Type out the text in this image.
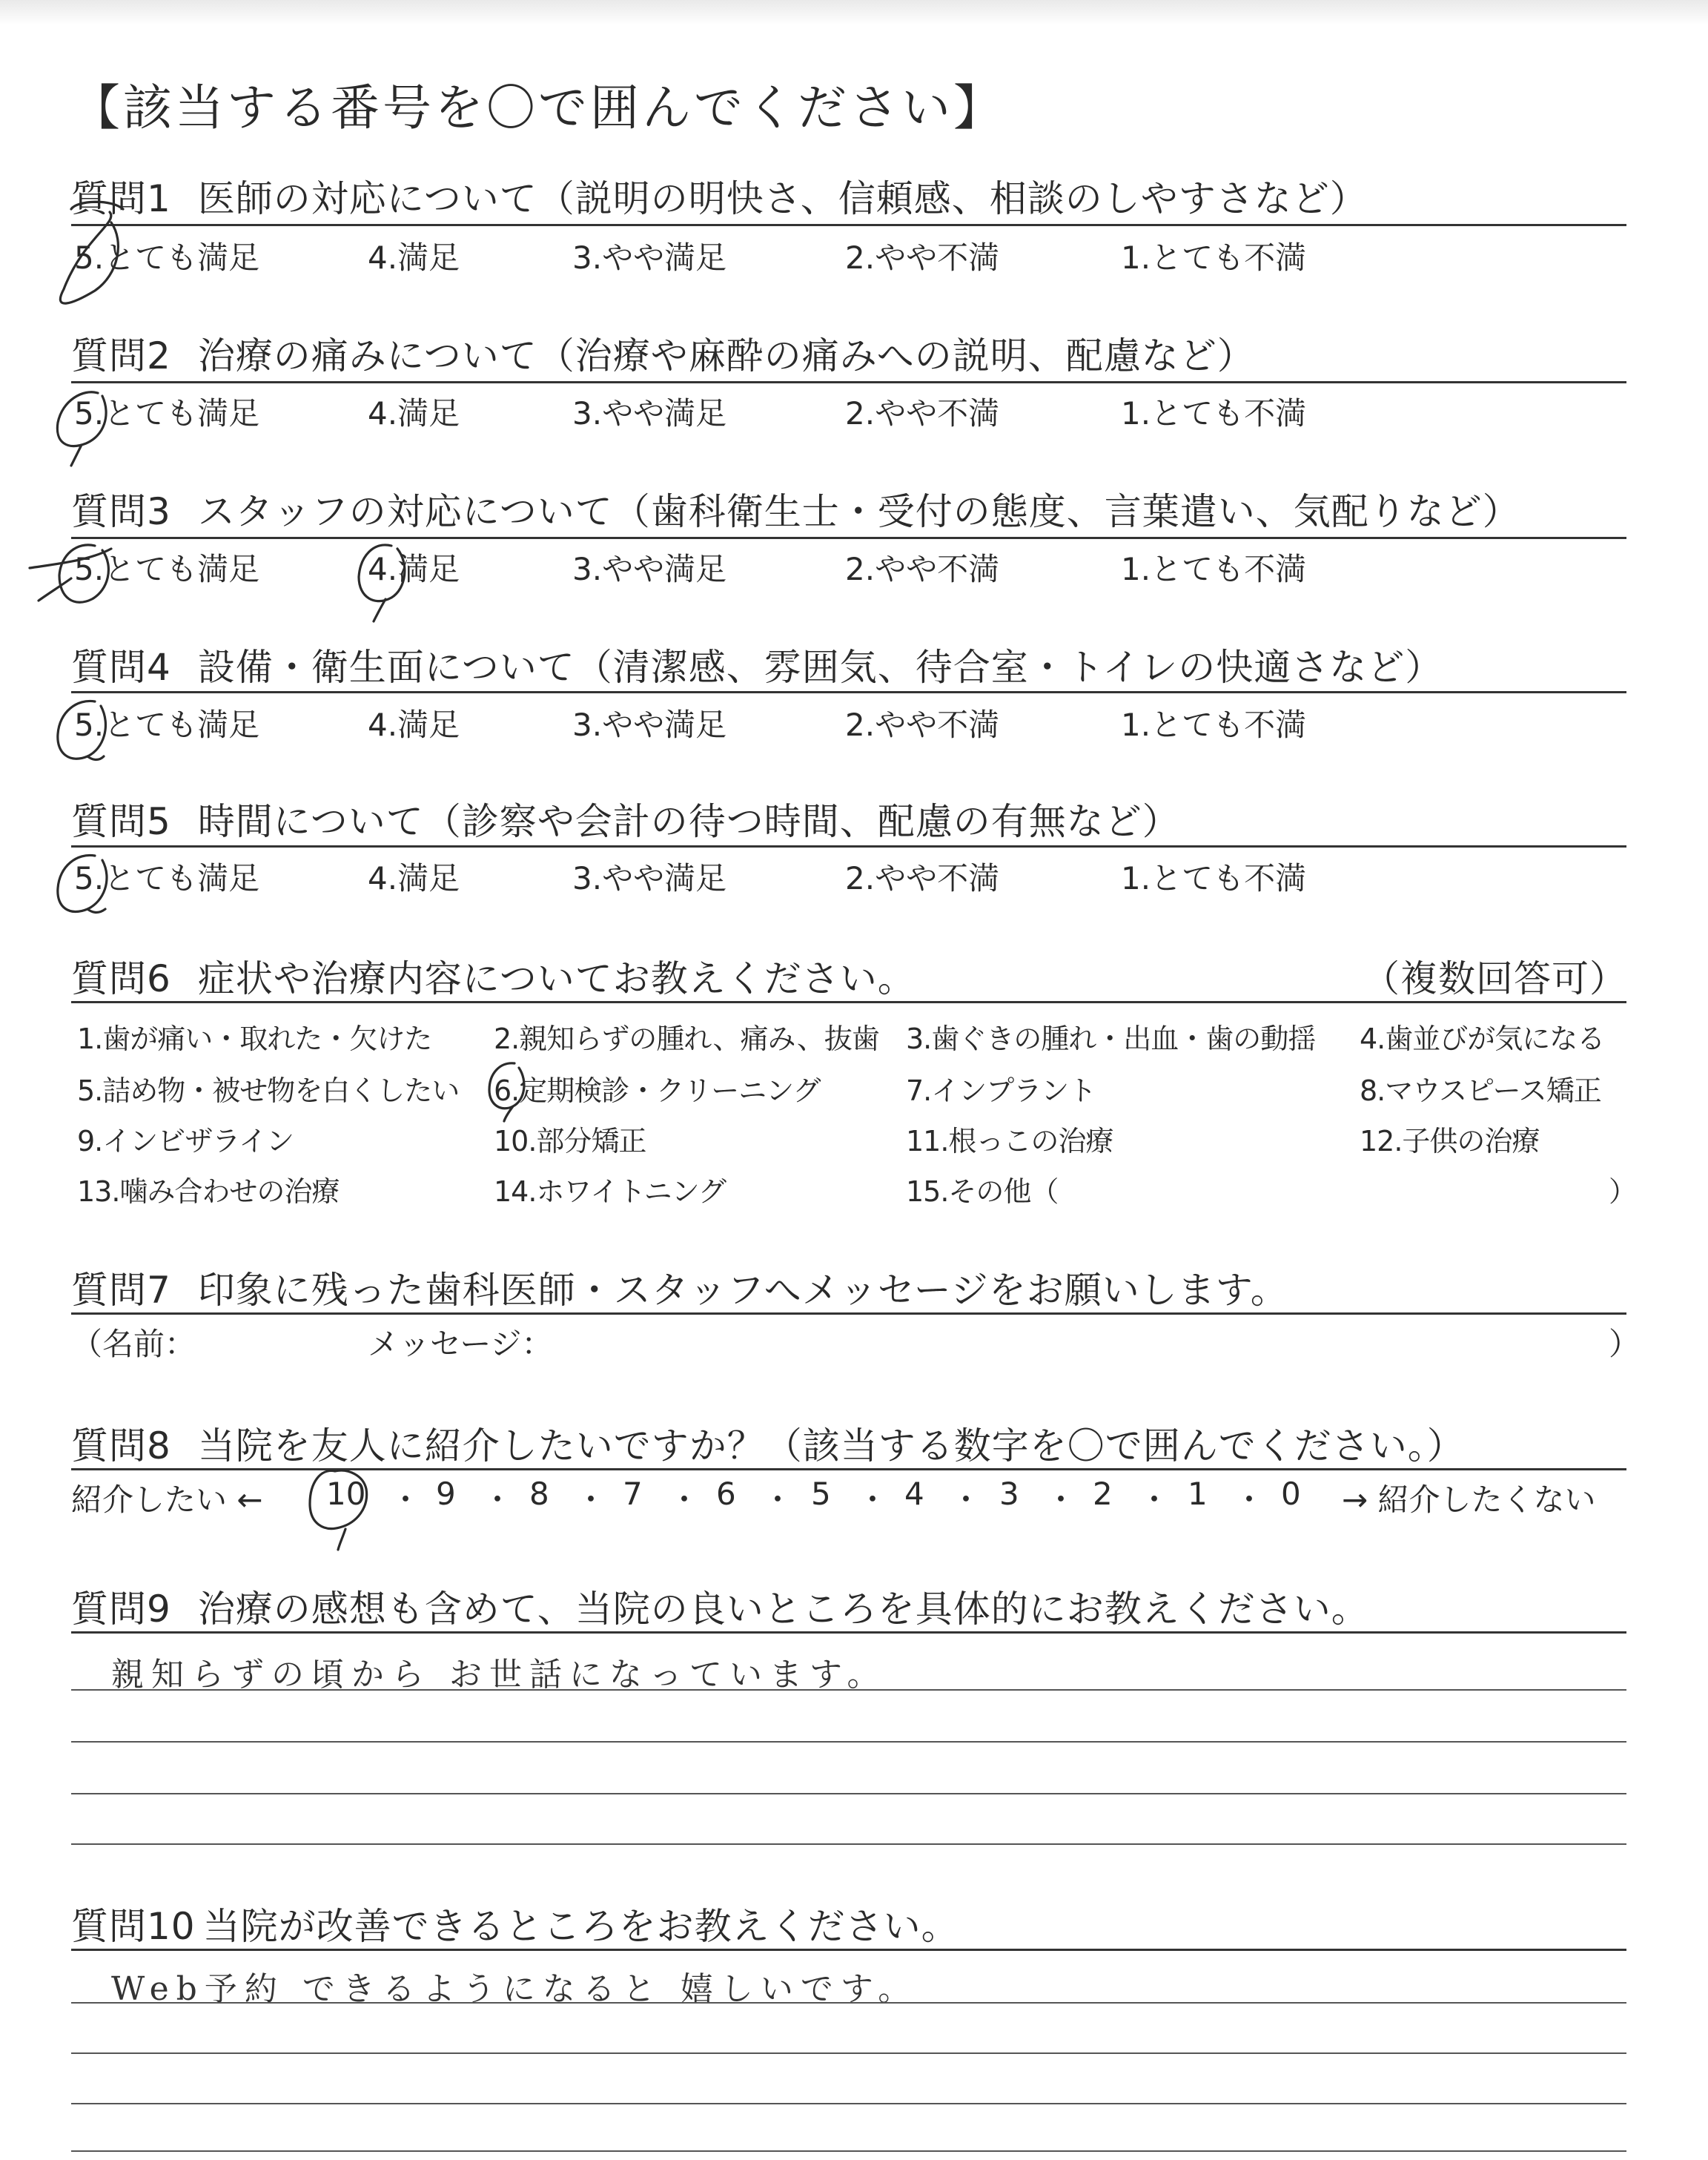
【該当する番号を〇で囲んでください】
質問1 医師の対応について（説明の明快さ、信頼感、相談のしやすさなど）
5.とても満足	4.満足	3.やや満足	2.やや不満	1.とても不満
質問2 治療の痛みについて（治療や麻酔の痛みへの説明、配慮など）
5.とても満足	4.満足	3.やや満足	2.やや不満	1.とても不満
質問3 スタッフの対応について（歯科衛生士・受付の態度、言葉遣い、気配りなど）
5.とても満足	4.満足	3.やや満足	2.やや不満	1.とても不満
質問4 設備・衛生面について（清潔感、雰囲気、待合室・トイレの快適さなど）
5.とても満足	4.満足	3.やや満足	2.やや不満	1.とても不満
質問5 時間について（診察や会計の待つ時間、配慮の有無など）
5.とても満足	4.満足	3.やや満足	2.やや不満	1.とても不満
質問6 症状や治療内容についてお教えください。	（複数回答可）
1.歯が痛い・取れた・欠けた 2.親知らずの腫れ、痛み、抜歯 3.歯ぐきの腫れ・出血・歯の動揺 4.歯並びが気になる
5.詰め物・被せ物を白くしたい 6.定期検診・クリーニング	7.インプラント	8.マウスピース矯正
9.インビザライン	10.部分矯正	11.根っこの治療	12.子供の治療
13.噛み合わせの治療	14.ホワイトニング	15.その他（	）
質問7 印象に残った歯科医師・スタッフへメッセージをお願いします。
（名前：	メッセージ：	）
質問8 当院を友人に紹介したいですか？（該当する数字を〇で囲んでください。）
紹介したい ←	→ 紹介したくない
10 ・ 9 ・ 8 ・ 7 ・ 6 ・ 5 ・ 4 ・ 3 ・ 2 ・ 1 ・ 0
質問9 治療の感想も含めて、当院の良いところを具体的にお教えください。
親知らずの頃から お世話になっています。
質問10 当院が改善できるところをお教えください。
Web予約 できるようになると 嬉しいです。
